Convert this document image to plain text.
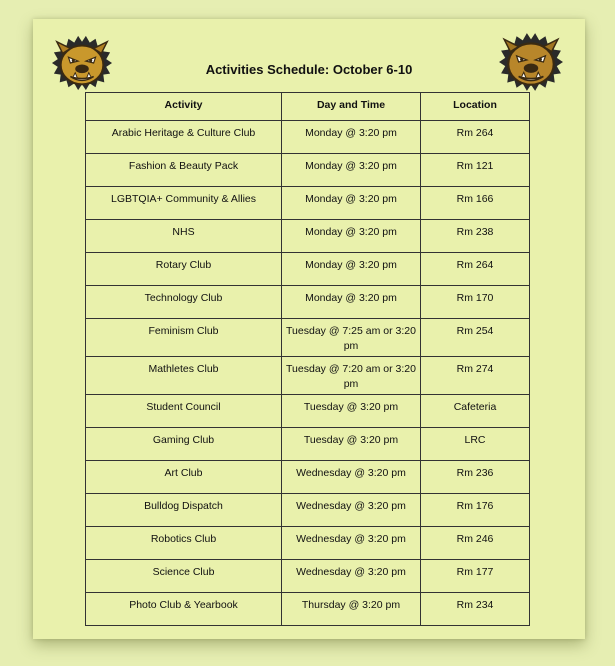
Activities Schedule: October 6-10
Activity	Day and Time	Location
Arabic Heritage & Culture Club	Monday @ 3:20 pm	Rm 264
Fashion & Beauty Pack	Monday @ 3:20 pm	Rm 121
LGBTQIA+ Community & Allies	Monday @ 3:20 pm	Rm 166
NHS	Monday @ 3:20 pm	Rm 238
Rotary Club	Monday @ 3:20 pm	Rm 264
Technology Club	Monday @ 3:20 pm	Rm 170
Feminism Club	Tuesday @ 7:25 am or 3:20 pm	Rm 254
Mathletes Club	Tuesday @ 7:20 am or 3:20 pm	Rm 274
Student Council	Tuesday @ 3:20 pm	Cafeteria
Gaming Club	Tuesday @ 3:20 pm	LRC
Art Club	Wednesday @ 3:20 pm	Rm 236
Bulldog Dispatch	Wednesday @ 3:20 pm	Rm 176
Robotics Club	Wednesday @ 3:20 pm	Rm 246
Science Club	Wednesday @ 3:20 pm	Rm 177
Photo Club & Yearbook	Thursday @ 3:20 pm	Rm 234
